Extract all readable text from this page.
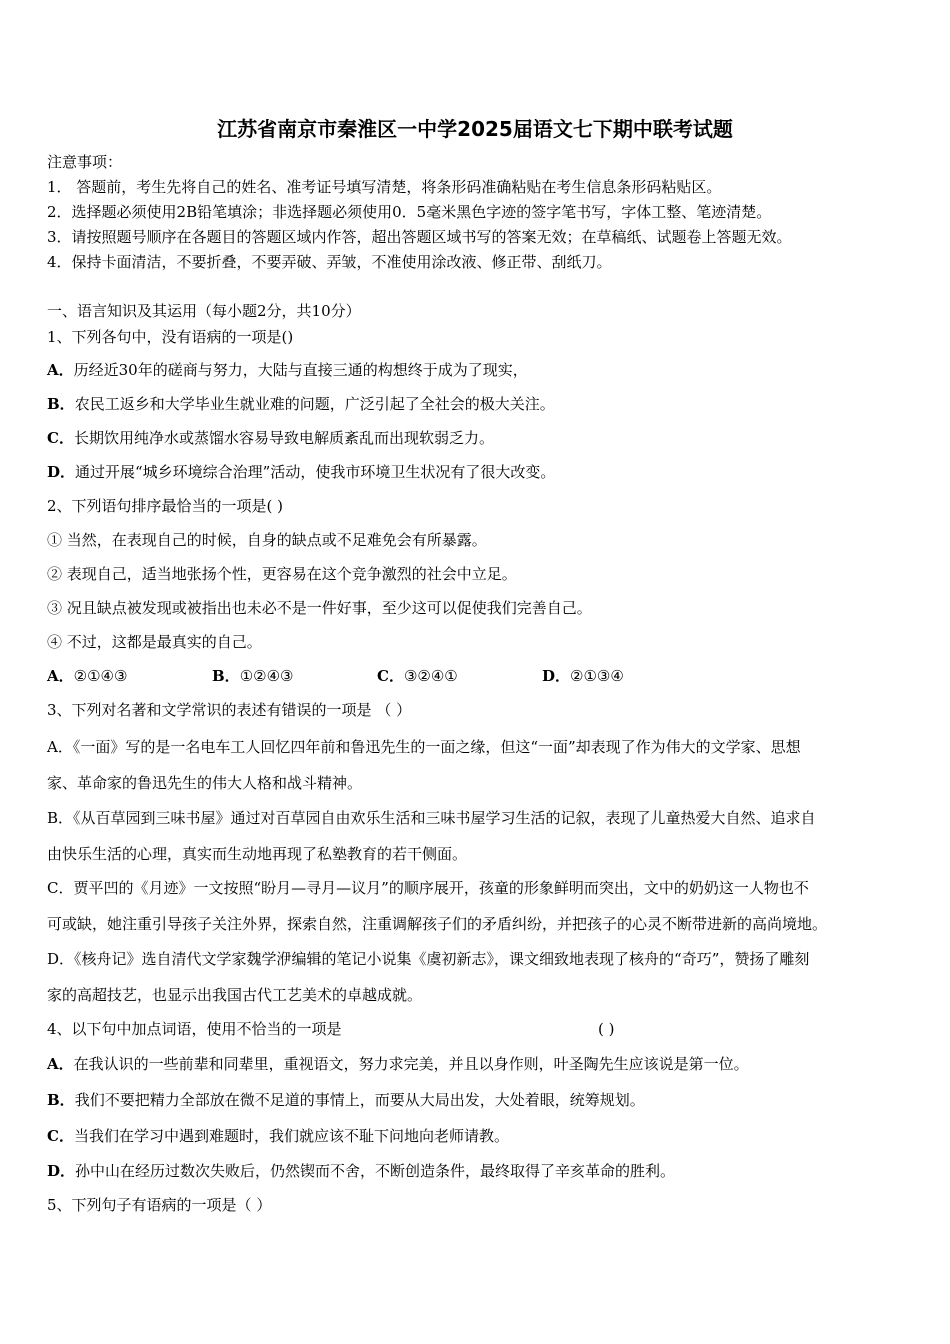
江苏省南京市秦淮区一中学2025届语文七下期中联考试题
注意事项：
1． 答题前，考生先将自己的姓名、准考证号填写清楚，将条形码准确粘贴在考生信息条形码粘贴区。
2．选择题必须使用2B铅笔填涂；非选择题必须使用0．5毫米黑色字迹的签字笔书写，字体工整、笔迹清楚。
3．请按照题号顺序在各题目的答题区域内作答，超出答题区域书写的答案无效；在草稿纸、试题卷上答题无效。
4．保持卡面清洁，不要折叠，不要弄破、弄皱，不准使用涂改液、修正带、刮纸刀。
一、语言知识及其运用（每小题2分，共10分）
1、下列各句中，没有语病的一项是()
A．历经近30年的磋商与努力，大陆与直接三通的构想终于成为了现实，
B．农民工返乡和大学毕业生就业难的问题，广泛引起了全社会的极大关注。
C．长期饮用纯净水或蒸馏水容易导致电解质紊乱而出现软弱乏力。
D．通过开展“城乡环境综合治理”活动，使我市环境卫生状况有了很大改变。
2、下列语句排序最恰当的一项是( )
① 当然，在表现自己的时候，自身的缺点或不足难免会有所暴露。
② 表现自己，适当地张扬个性，更容易在这个竞争激烈的社会中立足。
③ 况且缺点被发现或被指出也未必不是一件好事，至少这可以促使我们完善自己。
④ 不过，这都是最真实的自己。
A．②①④③	B．①②④③	C．③②④①	D．②①③④
3、下列对名著和文学常识的表述有错误的一项是 （ ）
A．《一面》写的是一名电车工人回忆四年前和鲁迅先生的一面之缘，但这“一面”却表现了作为伟大的文学家、思想
家、革命家的鲁迅先生的伟大人格和战斗精神。
B．《从百草园到三味书屋》通过对百草园自由欢乐生活和三味书屋学习生活的记叙，表现了儿童热爱大自然、追求自
由快乐生活的心理，真实而生动地再现了私塾教育的若干侧面。
C．贾平凹的《月迹》一文按照“盼月—寻月—议月”的顺序展开，孩童的形象鲜明而突出，文中的奶奶这一人物也不
可或缺，她注重引导孩子关注外界，探索自然，注重调解孩子们的矛盾纠纷，并把孩子的心灵不断带进新的高尚境地。
D．《核舟记》选自清代文学家魏学洢编辑的笔记小说集《虞初新志》，课文细致地表现了核舟的“奇巧”，赞扬了雕刻
家的高超技艺，也显示出我国古代工艺美术的卓越成就。
4、以下句中加点词语，使用不恰当的一项是	( )
A．在我认识的一些前辈和同辈里，重视语文，努力求完美，并且以身作则，叶圣陶先生应该说是第一位。
B．我们不要把精力全部放在微不足道的事情上，而要从大局出发，大处着眼，统筹规划。
C．当我们在学习中遇到难题时，我们就应该不耻下问地向老师请教。
D．孙中山在经历过数次失败后，仍然锲而不舍，不断创造条件，最终取得了辛亥革命的胜利。
5、下列句子有语病的一项是（ ）
